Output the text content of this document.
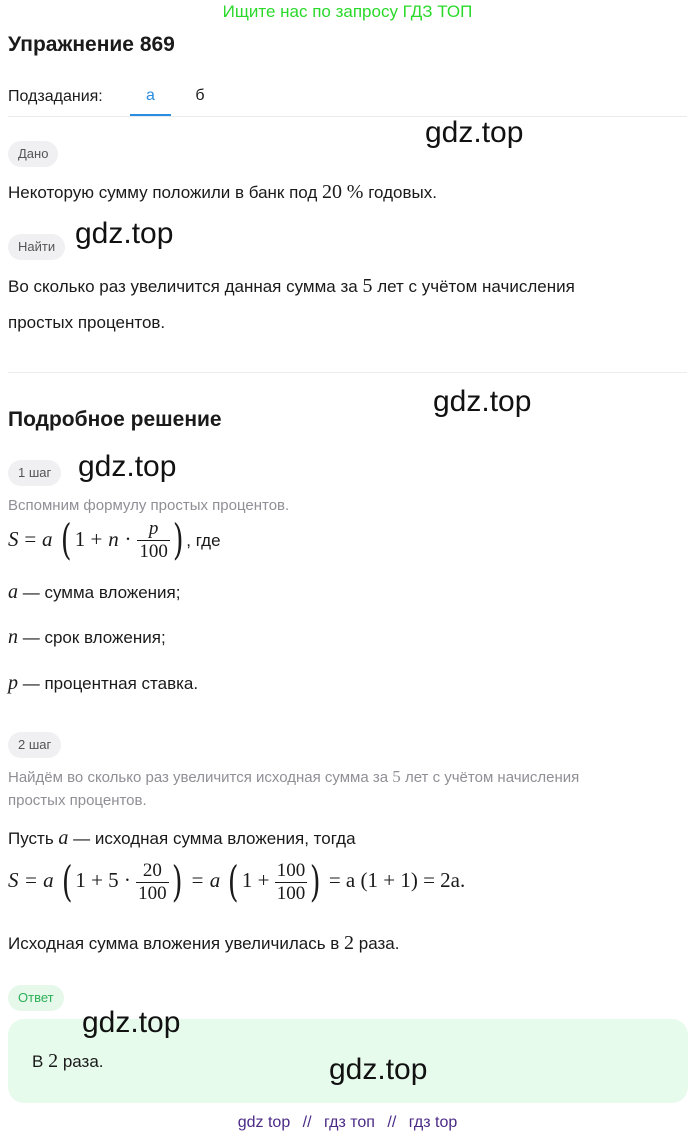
Ищите нас по запросу ГДЗ ТОП
Упражнение 869
Подзадания:	а	б
gdz.top
Дано
Некоторую сумму положили в банк под 20 % годовых.
Найти gdz.top
Во сколько раз увеличится данная сумма за 5 лет с учётом начисления
простых процентов.
gdz.top
Подробное решение
1 шаг gdz.top
Вспомним формулу простых процентов.
S = a ( $1 + n \cdot \frac{p}{100}$ ) , где
a — сумма вложения;
n — срок вложения;
p — процентная ставка.
2 шаг
Найдём во сколько раз увеличится исходная сумма за 5 лет с учётом начисления
простых процентов.
Пусть a — исходная сумма вложения, тогда
S = a ( $1 + 5 \cdot \frac{20}{100}$ ) = a ( $1 + \frac{100}{100}$ ) = a (1 + 1) = 2a.
Исходная сумма вложения увеличилась в 2 раза.
Ответ
gdz.top
В 2 раза.	gdz.top
gdz top // гдз топ // гдз top
